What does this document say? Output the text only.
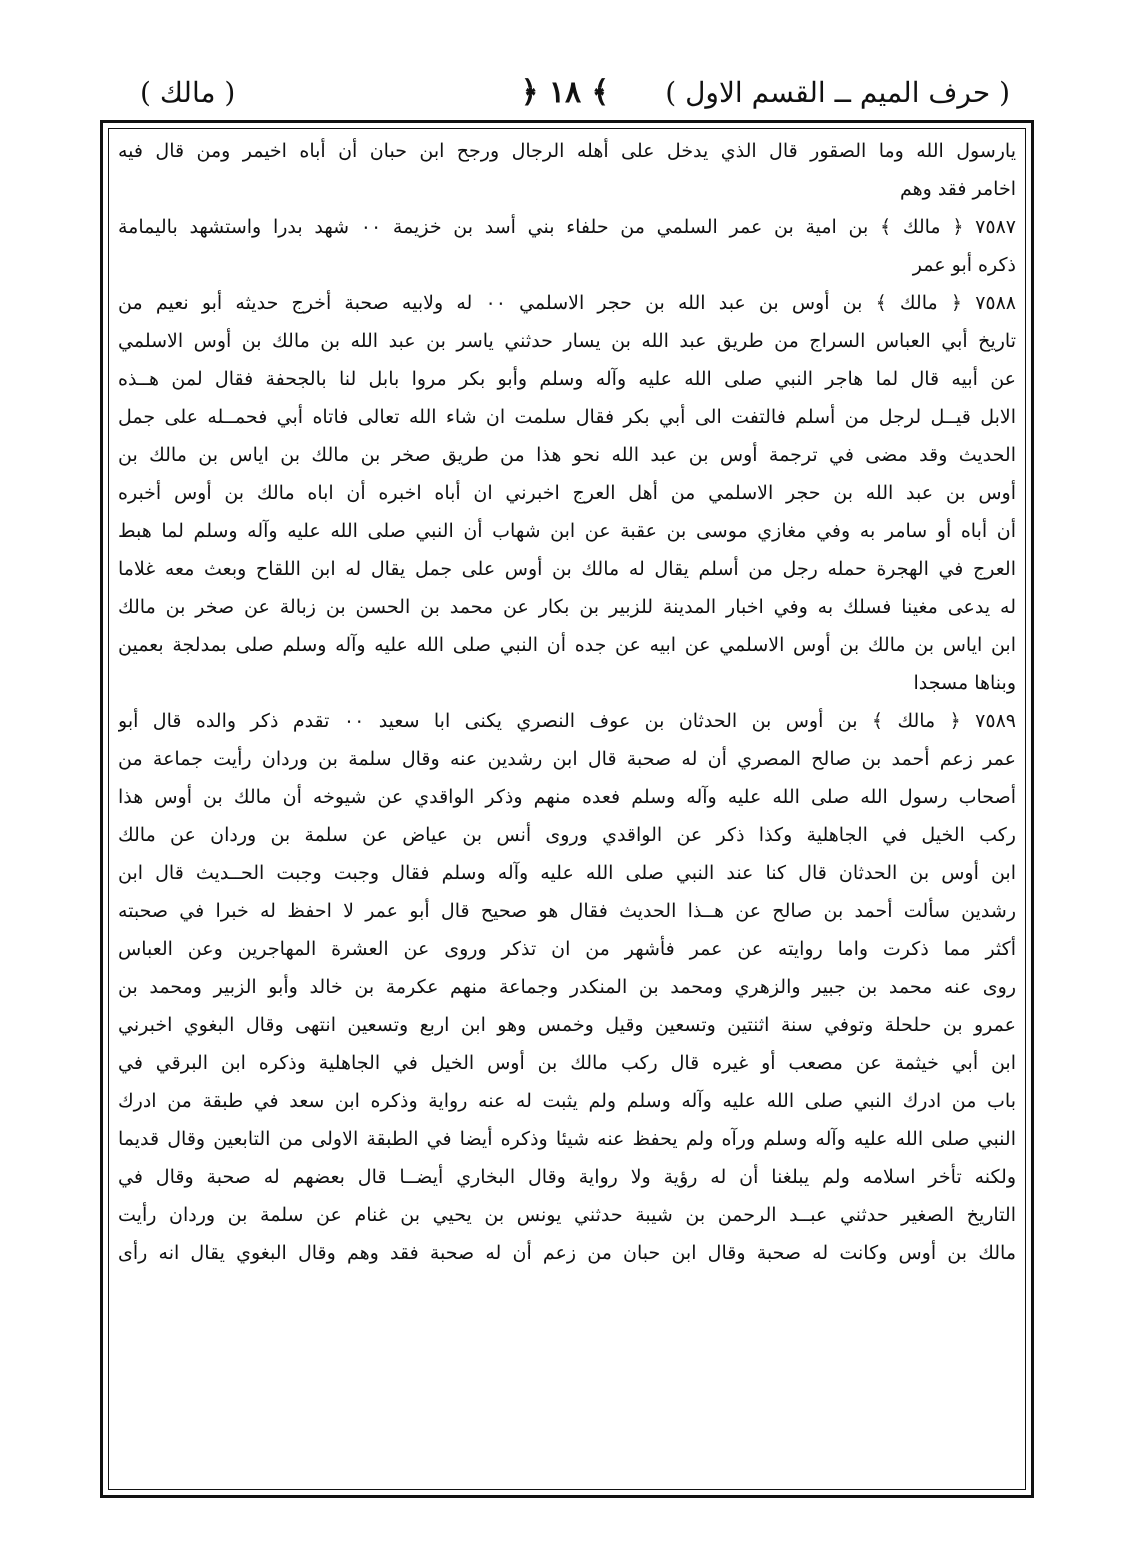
( حرف الميم ــ القسم الاول )
﴿ ١٨ ﴾
( مالك )
يارسول الله وما الصقور قال الذي يدخل على أهله الرجال ورجح ابن حبان أن أباه اخيمر ومن قال فيه
اخامر فقد وهم
٧٥٨٧ ﴿ مالك ﴾ بن امية بن عمر السلمي من حلفاء بني أسد بن خزيمة ٠٠ شهد بدرا واستشهد باليمامة
ذكره أبو عمر
٧٥٨٨ ﴿ مالك ﴾ بن أوس بن عبد الله بن حجر الاسلمي ٠٠ له ولابيه صحبة أخرج حديثه أبو نعيم من
تاريخ أبي العباس السراج من طريق عبد الله بن يسار حدثني ياسر بن عبد الله بن مالك بن أوس الاسلمي
عن أبيه قال لما هاجر النبي صلى الله عليه وآله وسلم وأبو بكر مروا بابل لنا بالجحفة فقال لمن هــذه
الابل قيــل لرجل من أسلم فالتفت الى أبي بكر فقال سلمت ان شاء الله تعالى فاتاه أبي فحمــله على جمل
الحديث وقد مضى في ترجمة أوس بن عبد الله نحو هذا من طريق صخر بن مالك بن اياس بن مالك بن
أوس بن عبد الله بن حجر الاسلمي من أهل العرج اخبرني ان أباه اخبره أن اباه مالك بن أوس أخبره
أن أباه أو سامر به وفي مغازي موسى بن عقبة عن ابن شهاب أن النبي صلى الله عليه وآله وسلم لما هبط
العرج في الهجرة حمله رجل من أسلم يقال له مالك بن أوس على جمل يقال له ابن اللقاح وبعث معه غلاما
له يدعى مغينا فسلك به وفي اخبار المدينة للزبير بن بكار عن محمد بن الحسن بن زبالة عن صخر بن مالك
ابن اياس بن مالك بن أوس الاسلمي عن ابيه عن جده أن النبي صلى الله عليه وآله وسلم صلى بمدلجة بعمين
وبناها مسجدا
٧٥٨٩ ﴿ مالك ﴾ بن أوس بن الحدثان بن عوف النصري يكنى ابا سعيد ٠٠ تقدم ذكر والده قال أبو
عمر زعم أحمد بن صالح المصري أن له صحبة قال ابن رشدين عنه وقال سلمة بن وردان رأيت جماعة من
أصحاب رسول الله صلى الله عليه وآله وسلم فعده منهم وذكر الواقدي عن شيوخه أن مالك بن أوس هذا
ركب الخيل في الجاهلية وكذا ذكر عن الواقدي وروى أنس بن عياض عن سلمة بن وردان عن مالك
ابن أوس بن الحدثان قال كنا عند النبي صلى الله عليه وآله وسلم فقال وجبت وجبت الحــديث قال ابن
رشدين سألت أحمد بن صالح عن هــذا الحديث فقال هو صحيح قال أبو عمر لا احفظ له خبرا في صحبته
أكثر مما ذكرت واما روايته عن عمر فأشهر من ان تذكر وروى عن العشرة المهاجرين وعن العباس
روى عنه محمد بن جبير والزهري ومحمد بن المنكدر وجماعة منهم عكرمة بن خالد وأبو الزبير ومحمد بن
عمرو بن حلحلة وتوفي سنة اثنتين وتسعين وقيل وخمس وهو ابن اربع وتسعين انتهى وقال البغوي اخبرني
ابن أبي خيثمة عن مصعب أو غيره قال ركب مالك بن أوس الخيل في الجاهلية وذكره ابن البرقي في
باب من ادرك النبي صلى الله عليه وآله وسلم ولم يثبت له عنه رواية وذكره ابن سعد في طبقة من ادرك
النبي صلى الله عليه وآله وسلم ورآه ولم يحفظ عنه شيئا وذكره أيضا في الطبقة الاولى من التابعين وقال قديما
ولكنه تأخر اسلامه ولم يبلغنا أن له رؤية ولا رواية وقال البخاري أيضــا قال بعضهم له صحبة وقال في
التاريخ الصغير حدثني عبــد الرحمن بن شيبة حدثني يونس بن يحيي بن غنام عن سلمة بن وردان رأيت
مالك بن أوس وكانت له صحبة وقال ابن حبان من زعم أن له صحبة فقد وهم وقال البغوي يقال انه رأى
